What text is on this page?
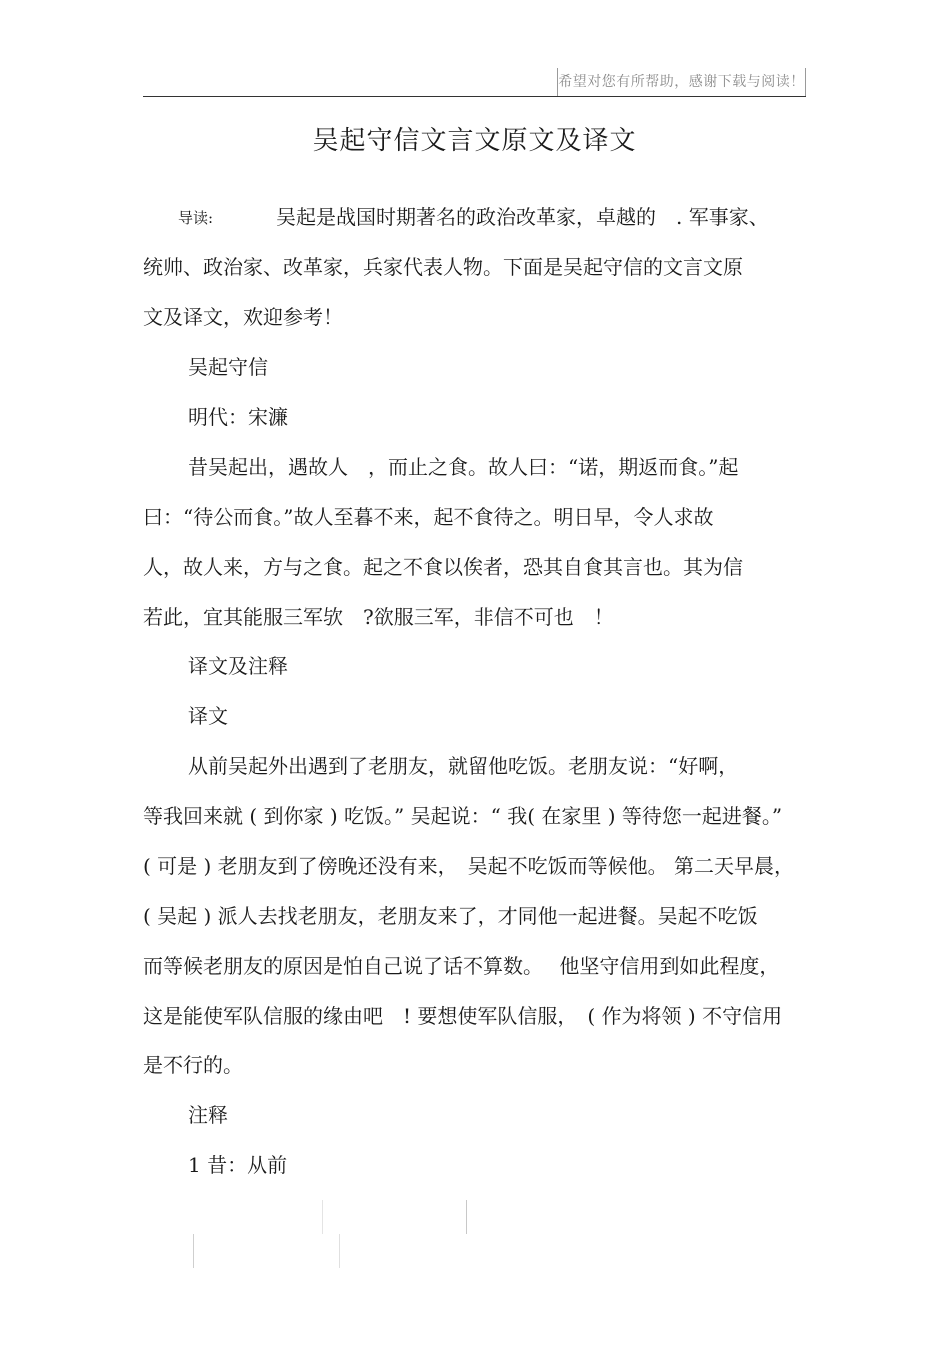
希望对您有所帮助，感谢下载与阅读！
吴起守信文言文原文及译文
导读:	吴起是战国时期著名的政治改革家，卓越的　. 军事家、
统帅、政治家、改革家，兵家代表人物。下面是吴起守信的文言文原
文及译文，欢迎参考！
吴起守信
明代：宋濂
昔吴起出，遇故人　，而止之食。故人曰：“诺，期返而食。”起
曰：“待公而食。”故人至暮不来，起不食待之。明日早，令人求故
人，故人来，方与之食。起之不食以俟者，恐其自食其言也。其为信
若此，宜其能服三军欤　?欲服三军，非信不可也　！
译文及注释
译文
从前吴起外出遇到了老朋友，就留他吃饭。老朋友说：“好啊，
等我回来就 ( 到你家 ) 吃饭。” 吴起说：“ 我( 在家里 ) 等待您一起进餐。”
( 可是 ) 老朋友到了傍晚还没有来，　吴起不吃饭而等候他。 第二天早晨，
( 吴起 ) 派人去找老朋友，老朋友来了，才同他一起进餐。吴起不吃饭
而等候老朋友的原因是怕自己说了话不算数。　 他坚守信用到如此程度，
这是能使军队信服的缘由吧　! 要想使军队信服，　( 作为将领 ) 不守信用
是不行的。
注释
1 昔：从前
